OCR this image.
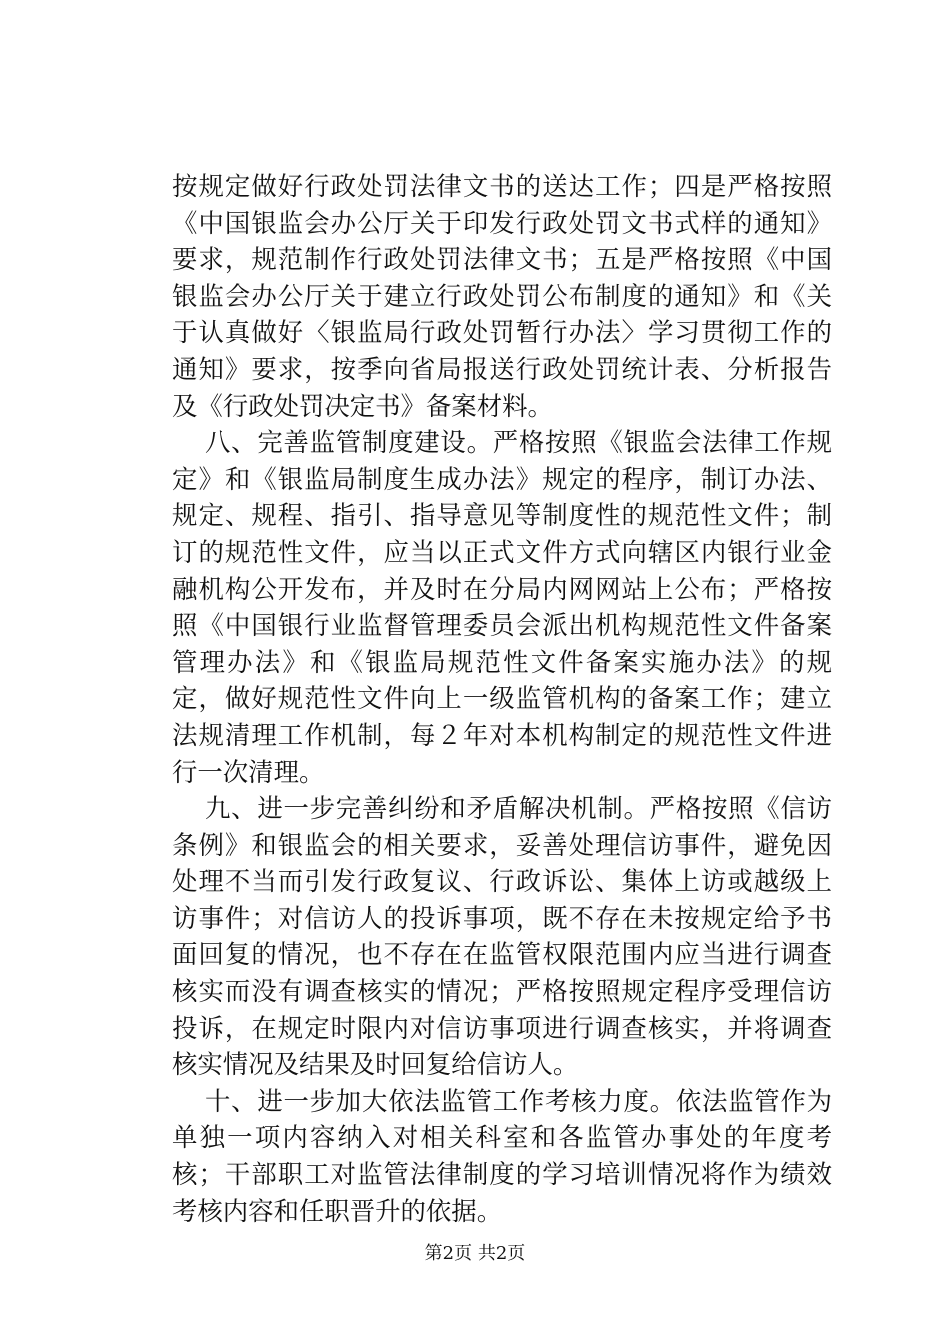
按规定做好行政处罚法律文书的送达工作；四是严格按照《中国银监会办公厅关于印发行政处罚文书式样的通知》要求，规范制作行政处罚法律文书；五是严格按照《中国银监会办公厅关于建立行政处罚公布制度的通知》和《关于认真做好〈银监局行政处罚暂行办法〉学习贯彻工作的通知》要求，按季向省局报送行政处罚统计表、分析报告及《行政处罚决定书》备案材料。

八、完善监管制度建设。严格按照《银监会法律工作规定》和《银监局制度生成办法》规定的程序，制订办法、规定、规程、指引、指导意见等制度性的规范性文件；制订的规范性文件，应当以正式文件方式向辖区内银行业金融机构公开发布，并及时在分局内网网站上公布；严格按照《中国银行业监督管理委员会派出机构规范性文件备案管理办法》和《银监局规范性文件备案实施办法》的规定，做好规范性文件向上一级监管机构的备案工作；建立法规清理工作机制，每２年对本机构制定的规范性文件进行一次清理。

九、进一步完善纠纷和矛盾解决机制。严格按照《信访条例》和银监会的相关要求，妥善处理信访事件，避免因处理不当而引发行政复议、行政诉讼、集体上访或越级上访事件；对信访人的投诉事项，既不存在未按规定给予书面回复的情况，也不存在在监管权限范围内应当进行调查核实而没有调查核实的情况；严格按照规定程序受理信访投诉，在规定时限内对信访事项进行调查核实，并将调查核实情况及结果及时回复给信访人。

十、进一步加大依法监管工作考核力度。依法监管作为单独一项内容纳入对相关科室和各监管办事处的年度考核；干部职工对监管法律制度的学习培训情况将作为绩效考核内容和任职晋升的依据。

第2页 共2页
